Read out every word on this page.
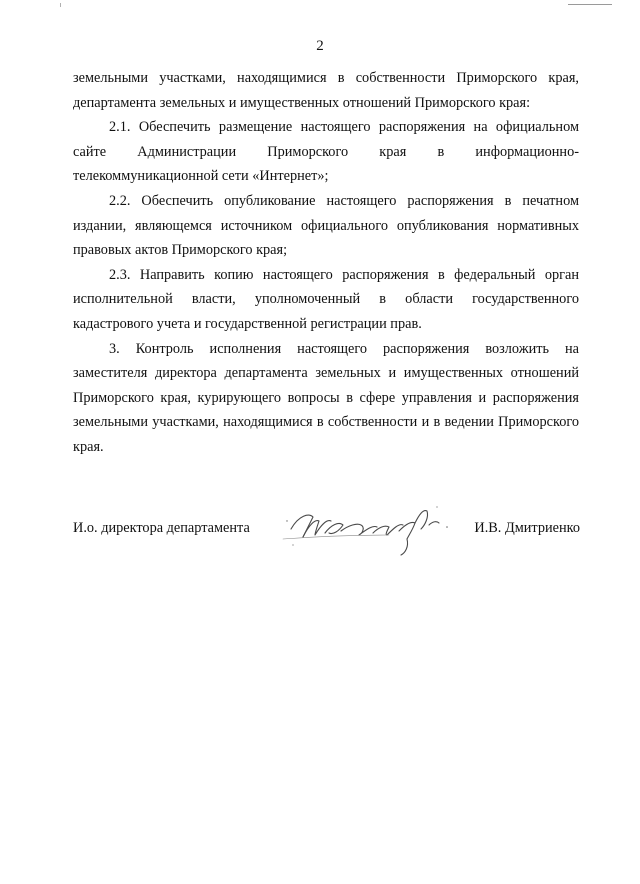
2

земельными участками, находящимися в собственности Приморского края, департамента земельных и имущественных отношений Приморского края:

2.1. Обеспечить размещение настоящего распоряжения на официальном сайте Администрации Приморского края в информационно-телекоммуникационной сети «Интернет»;

2.2. Обеспечить опубликование настоящего распоряжения в печатном издании, являющемся источником официального опубликования нормативных правовых актов Приморского края;

2.3. Направить копию настоящего распоряжения в федеральный орган исполнительной власти, уполномоченный в области государственного кадастрового учета и государственной регистрации прав.

3. Контроль исполнения настоящего распоряжения возложить на заместителя директора департамента земельных и имущественных отношений Приморского края, курирующего вопросы в сфере управления и распоряжения земельными участками, находящимися в собственности и в ведении Приморского края.

И.о. директора департамента	И.В. Дмитриенко
